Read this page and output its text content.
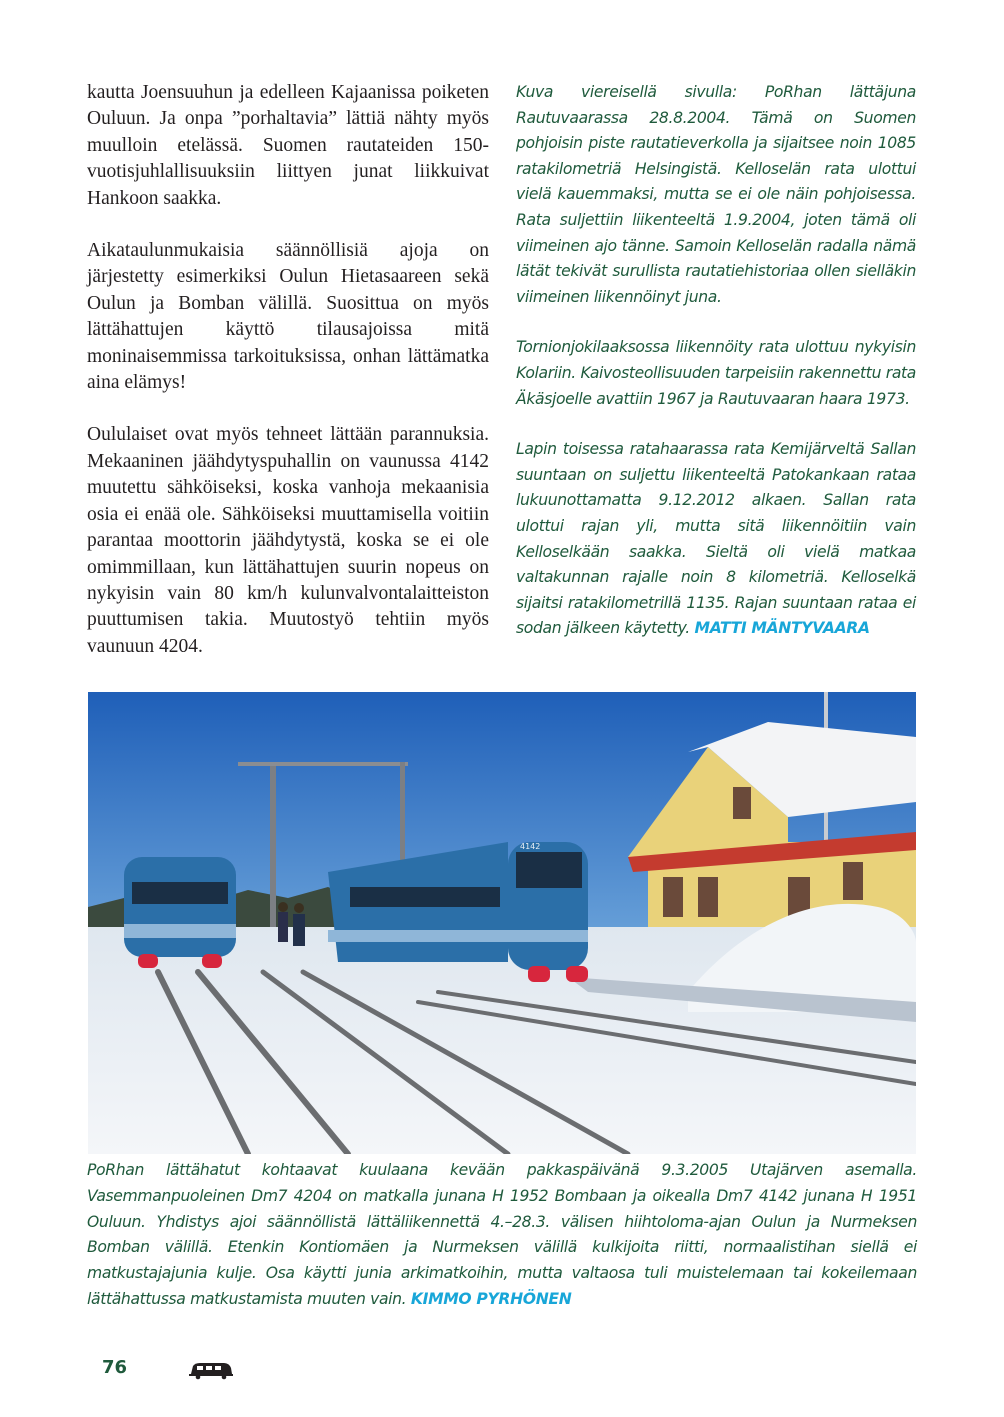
kautta Joensuuhun ja edelleen Kajaanissa poiketen Ouluun. Ja onpa ”porhaltavia” lättiä nähty myös muulloin etelässä. Suomen rautateiden 150-vuotisjuhlallisuuksiin liittyen junat liikkuivat Hankoon saakka.

Aikataulunmukaisia säännöllisiä ajoja on järjestetty esimerkiksi Oulun Hietasaareen sekä Oulun ja Bomban välillä. Suosittua on myös lättähattujen käyttö tilausajoissa mitä moninaisemmissa tarkoituksissa, onhan lättämatka aina elämys!

Oululaiset ovat myös tehneet lättään parannuksia. Mekaaninen jäähdytyspuhallin on vaunussa 4142 muutettu sähköiseksi, koska vanhoja mekaanisia osia ei enää ole. Sähköiseksi muuttamisella voitiin parantaa moottorin jäähdytystä, koska se ei ole omimmillaan, kun lättähattujen suurin nopeus on nykyisin vain 80 km/h kulunvalvontalaitteiston puuttumisen takia. Muutostyö tehtiin myös vaunuun 4204.

Kuva viereisellä sivulla: PoRhan lättäjuna Rautuvaarassa 28.8.2004. Tämä on Suomen pohjoisin piste rautatieverkolla ja sijaitsee noin 1085 ratakilometriä Helsingistä. Kelloselän rata ulottui vielä kauemmaksi, mutta se ei ole näin pohjoisessa. Rata suljettiin liikenteeltä 1.9.2004, joten tämä oli viimeinen ajo tänne. Samoin Kelloselän radalla nämä lätät tekivät surullista rautatiehistoriaa ollen sielläkin viimeinen liikennöinyt juna.

Tornionjokilaaksossa liikennöity rata ulottuu nykyisin Kolariin. Kaivosteollisuuden tarpeisiin rakennettu rata Äkäsjoelle avattiin 1967 ja Rautuvaaran haara 1973.

Lapin toisessa ratahaarassa rata Kemijärveltä Sallan suuntaan on suljettu liikenteeltä Patokankaan rataa lukuunottamatta 9.12.2012 alkaen. Sallan rata ulottui rajan yli, mutta sitä liikennöitiin vain Kelloselkään saakka. Sieltä oli vielä matkaa valtakunnan rajalle noin 8 kilometriä. Kelloselkä sijaitsi ratakilometrillä 1135. Rajan suuntaan rataa ei sodan jälkeen käytetty. MATTI MÄNTYVAARA

4142
PoRhan lättähatut kohtaavat kuulaana kevään pakkaspäivänä 9.3.2005 Utajärven asemalla. Vasemmanpuoleinen Dm7 4204 on matkalla junana H 1952 Bombaan ja oikealla Dm7 4142 junana H 1951 Ouluun. Yhdistys ajoi säännöllistä lättäliikennettä 4.–28.3. välisen hiihtoloma-ajan Oulun ja Nurmeksen Bomban välillä. Etenkin Kontiomäen ja Nurmeksen välillä kulkijoita riitti, normaalistihan siellä ei matkustajajunia kulje. Osa käytti junia arkimatkoihin, mutta valtaosa tuli muistelemaan tai kokeilemaan lättähattussa matkustamista muuten vain. KIMMO PYRHÖNEN
76
